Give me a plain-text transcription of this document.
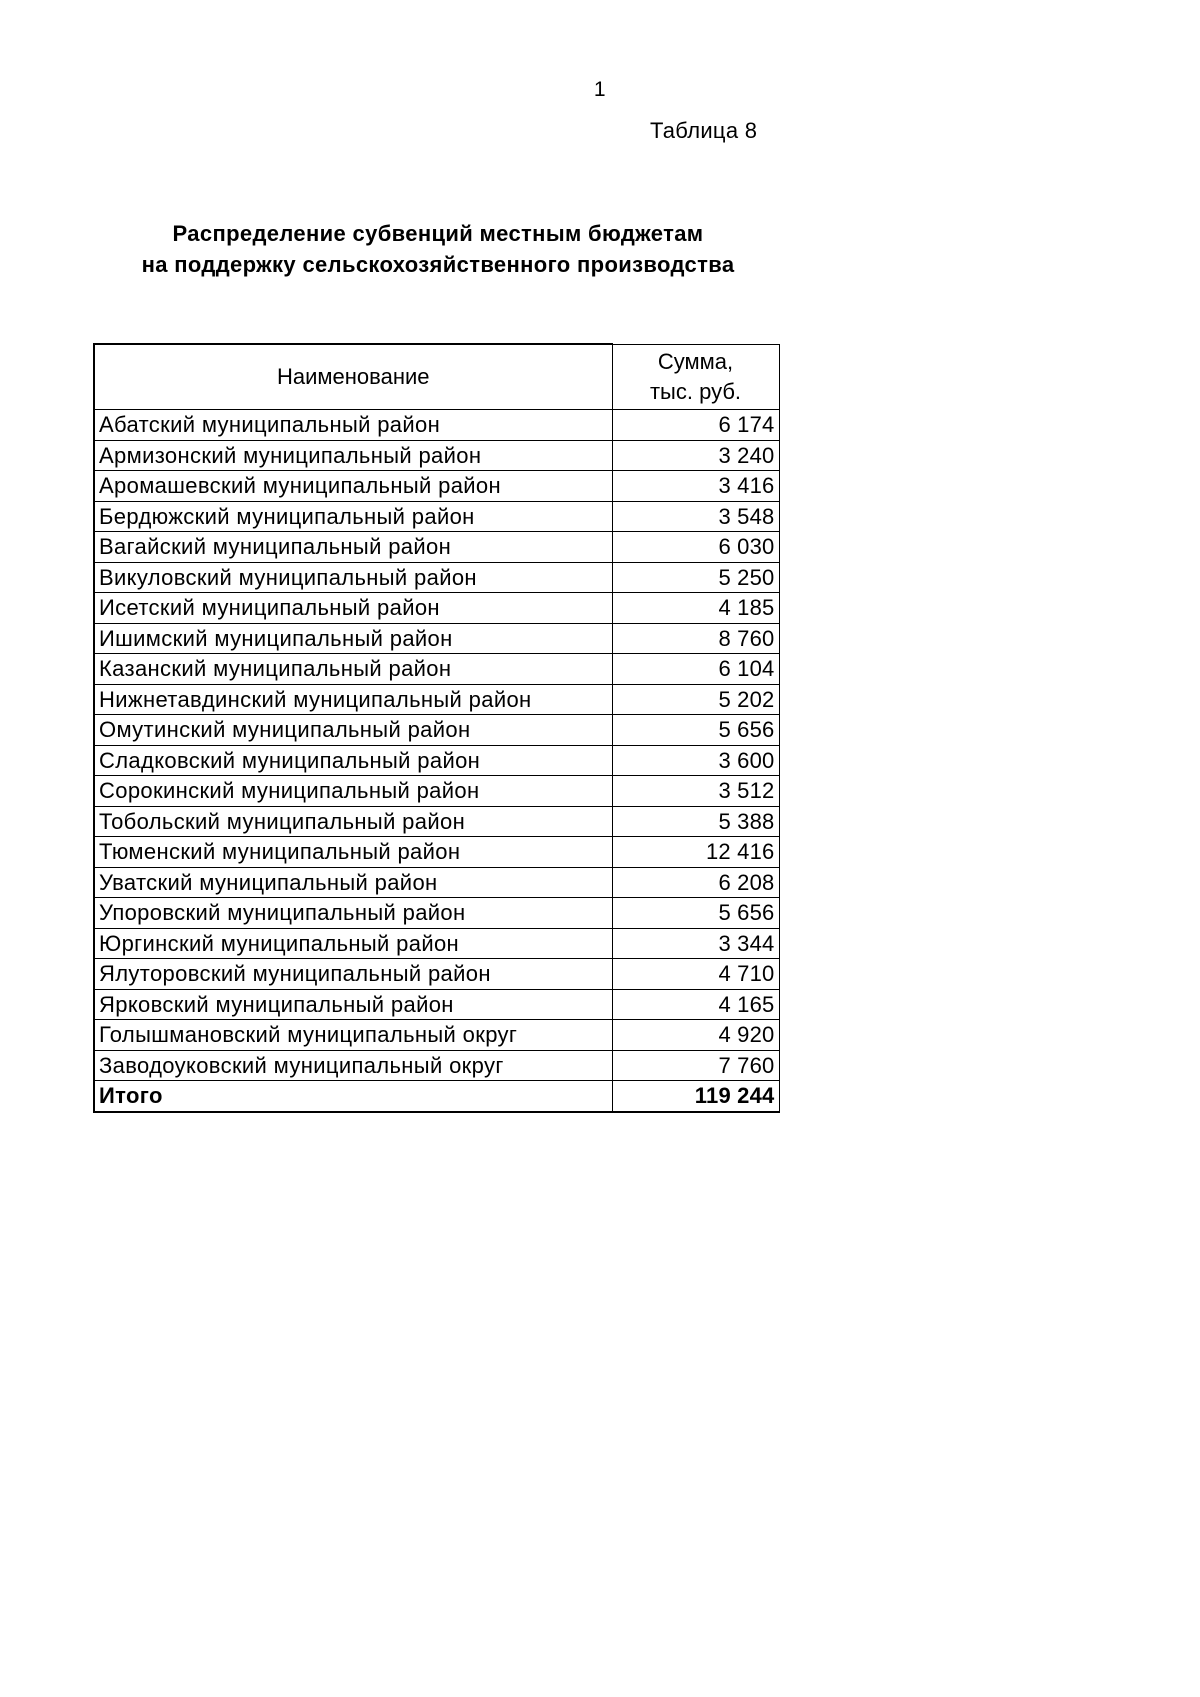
1
Таблица 8
Распределение субвенций местным бюджетам
на поддержку сельскохозяйственного производства
Наименование	Сумма,
тыс. руб.

Абатский муниципальный район	6 174
Армизонский муниципальный район	3 240
Аромашевский муниципальный район	3 416
Бердюжский муниципальный район	3 548
Вагайский муниципальный район	6 030
Викуловский муниципальный район	5 250
Исетский муниципальный район	4 185
Ишимский муниципальный район	8 760
Казанский муниципальный район	6 104
Нижнетавдинский муниципальный район	5 202
Омутинский муниципальный район	5 656
Сладковский муниципальный район	3 600
Сорокинский муниципальный район	3 512
Тобольский муниципальный район	5 388
Тюменский муниципальный район	12 416
Уватский муниципальный район	6 208
Упоровский муниципальный район	5 656
Юргинский муниципальный район	3 344
Ялуторовский муниципальный район	4 710
Ярковский муниципальный район	4 165
Голышмановский муниципальный округ	4 920
Заводоуковский муниципальный округ	7 760
Итого	119 244
